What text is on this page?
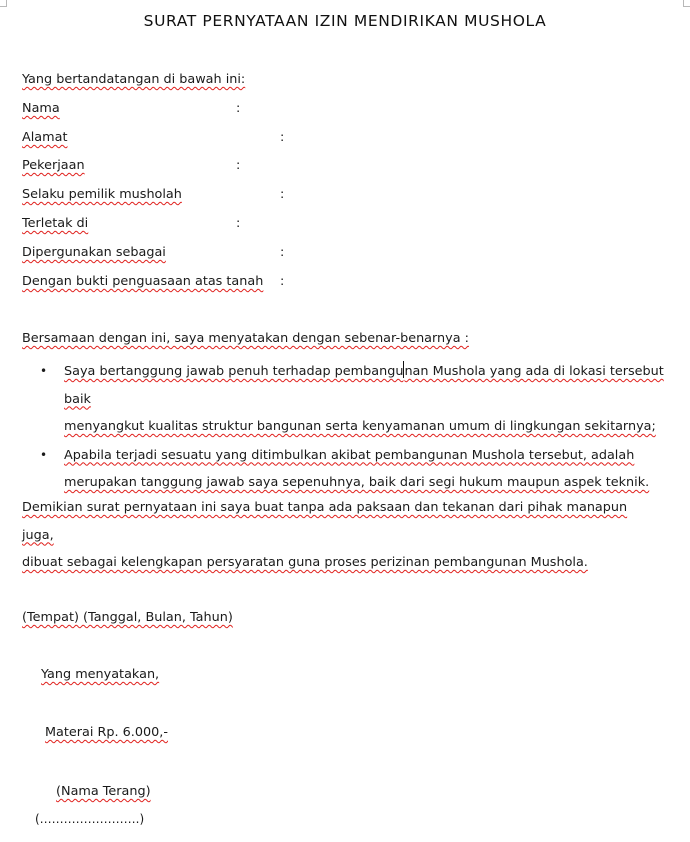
SURAT PERNYATAAN IZIN MENDIRIKAN MUSHOLA
Yang bertandatangan di bawah ini:
Nama	:
Alamat	:
Pekerjaan	:
Selaku pemilik musholah	:
Terletak di	:
Dipergunakan sebagai	:
Dengan bukti penguasaan atas tanah :
Bersamaan dengan ini, saya menyatakan dengan sebenar-benarnya :
• Saya bertanggung jawab penuh terhadap pembangunan Mushola yang ada di lokasi tersebut baik
menyangkut kualitas struktur bangunan serta kenyamanan umum di lingkungan sekitarnya;
• Apabila terjadi sesuatu yang ditimbulkan akibat pembangunan Mushola tersebut, adalah
merupakan tanggung jawab saya sepenuhnya, baik dari segi hukum maupun aspek teknik.
Demikian surat pernyataan ini saya buat tanpa ada paksaan dan tekanan dari pihak manapun juga,
dibuat sebagai kelengkapan persyaratan guna proses perizinan pembangunan Mushola.
(Tempat) (Tanggal, Bulan, Tahun)
Yang menyatakan,
Materai Rp. 6.000,-
(Nama Terang)
(…………………….)
